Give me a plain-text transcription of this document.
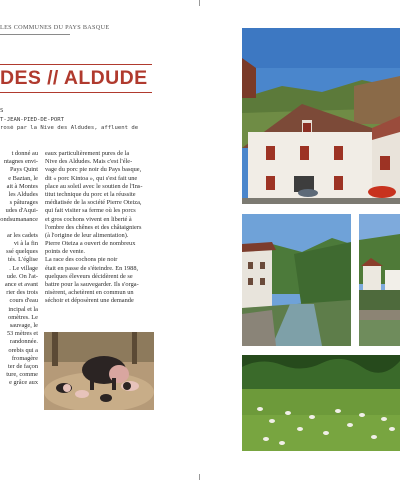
LES COMMUNES DU PAYS BASQUE
DES // ALDUDE
S
T-JEAN-PIED-DE-PORT
rosé par la Nive des Aldudes, affluent de
t donné au
ntagnes envi-
Pays Quint
e Baztan, le
ait à Montes
les Aldudes
s pâturages
udes d'Aqui-
ondsumanance
ar les cadets
vi à la fin
ssé quelques
tés. L'église
. Le village
ude. On l'at-
ance et avant
rier des trois
cours d'eau
incipal et la
omètres. Le
sauvage, le
53 mètres et
randonnée.
orebis qui a
fromagère
ter de façon
ture, comme
e grâce aux
eaux particulièrement pures de la
Nive des Aldudes. Mais c'est l'éle-
vage du porc pie noir du Pays basque,
dit « porc Kintoa », qui s'est fait une
place au soleil avec le soutien de l'Ins-
titut technique du porc et la réussite
médiatisée de la société Pierre Oteiza,
qui fait visiter sa ferme où les porcs
et gros cochons vivent en liberté à
l'ombre des chênes et des châtaigniers
(à l'origine de leur alimentation).
Pierre Oteiza a ouvert de nombreux
points de vente.
La race des cochons pie noir
était en passe de s'éteindre. En 1988,
quelques éleveurs décidèrent de se
battre pour la sauvegarder. Ils s'orga-
nisèrent, achetèrent en commun un
séchoir et déposèrent une demande
